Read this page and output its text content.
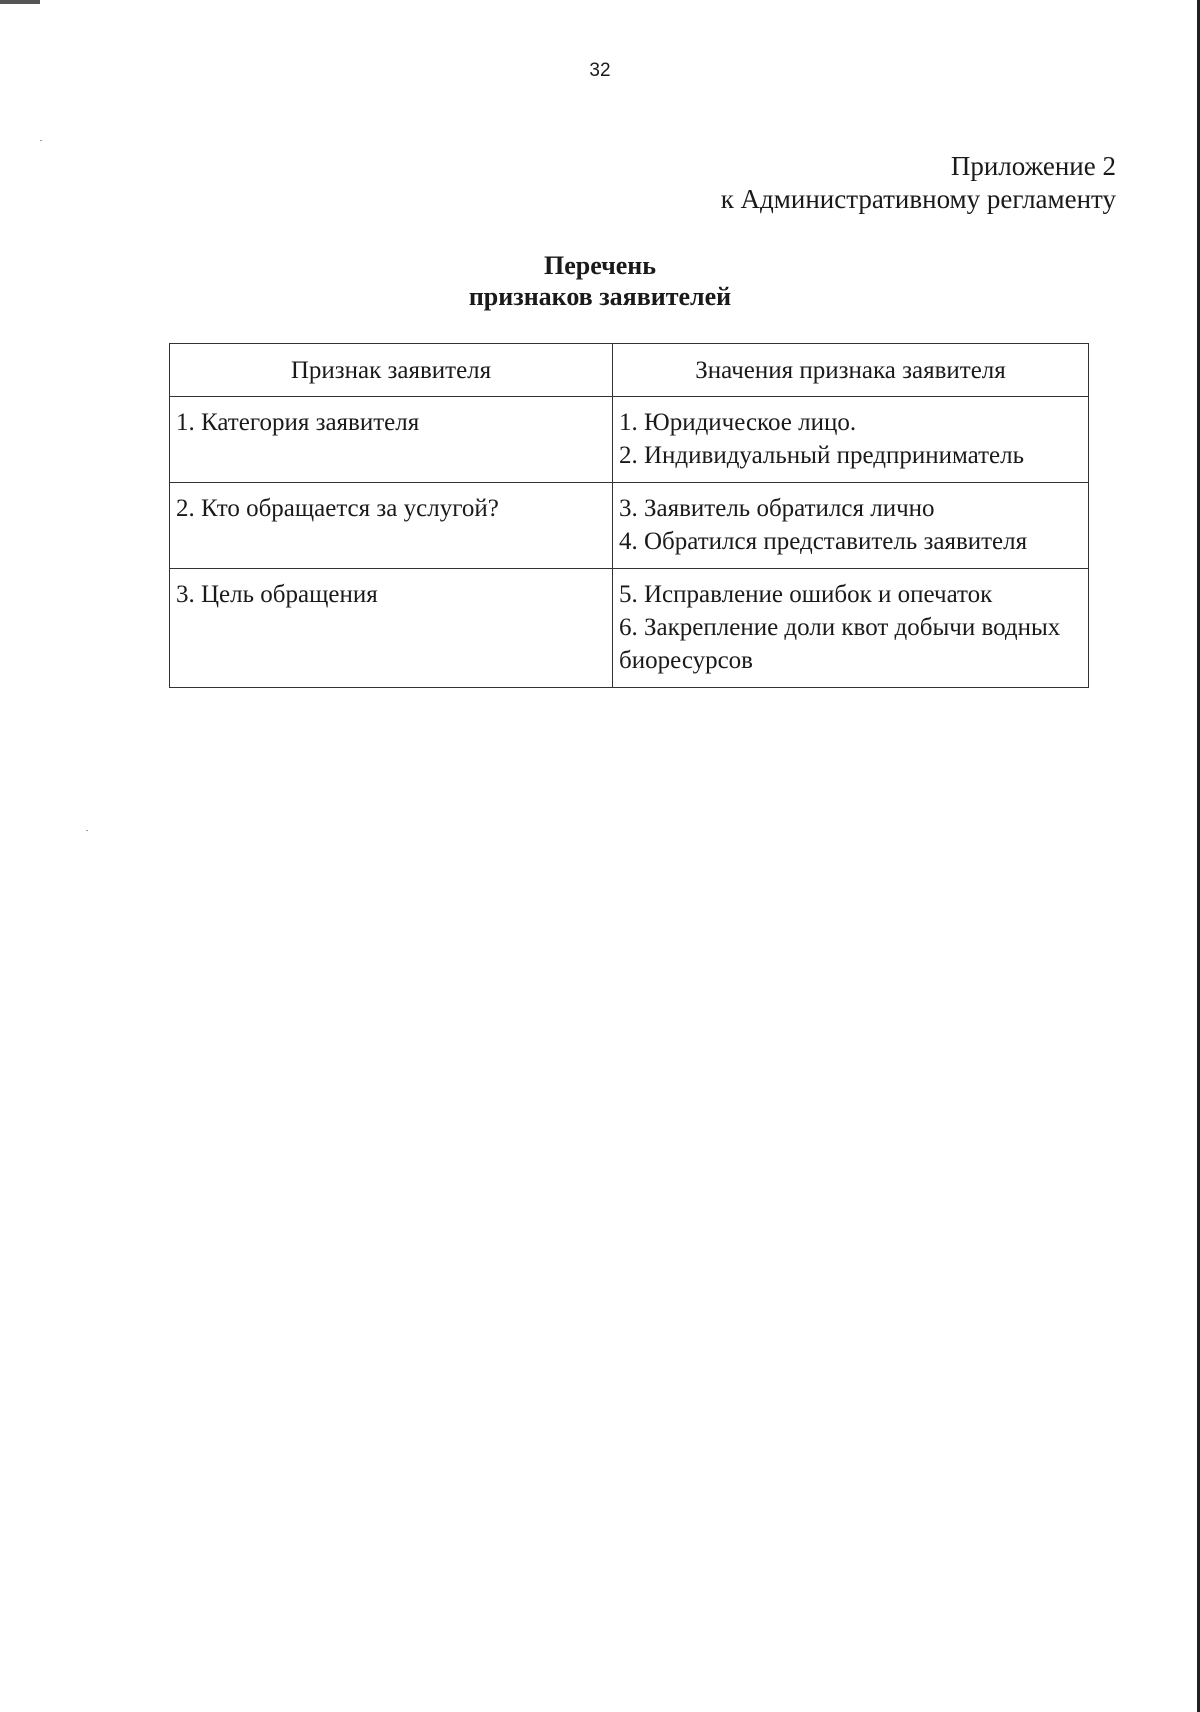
32
Приложение 2
к Административному регламенту
Перечень
признаков заявителей
Признак заявителя	Значения признака заявителя
1. Категория заявителя	1. Юридическое лицо.
2. Индивидуальный предприниматель

2. Кто обращается за услугой?	3. Заявитель обратился лично
4. Обратился представитель заявителя

3. Цель обращения	5. Исправление ошибок и опечаток
6. Закрепление доли квот добычи водных биоресурсов
